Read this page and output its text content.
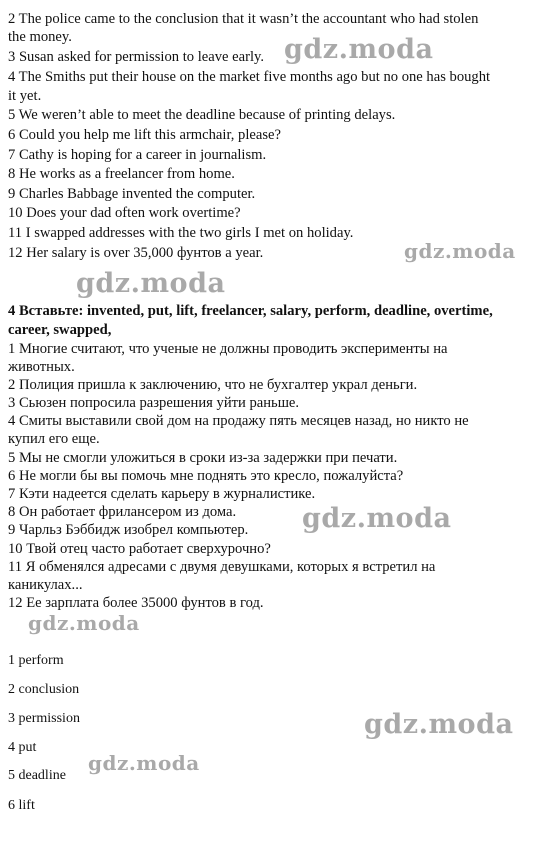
2 The police came to the conclusion that it wasn’t the accountant who had stolen
the money.
3 Susan asked for permission to leave early.
4 The Smiths put their house on the market five months ago but no one has bought
it yet.
5 We weren’t able to meet the deadline because of printing delays.
6 Could you help me lift this armchair, please?
7 Cathy is hoping for a career in journalism.
8 He works as a freelancer from home.
9 Charles Babbage invented the computer.
10 Does your dad often work overtime?
11 I swapped addresses with the two girls I met on holiday.
12 Her salary is over 35,000 фунтов a year.
4 Вставьте: invented, put, lift, freelancer, salary, perform, deadline, overtime,
career, swapped,
1 Многие считают, что ученые не должны проводить эксперименты на
животных.
2 Полиция пришла к заключению, что не бухгалтер украл деньги.
3 Сьюзен попросила разрешения уйти раньше.
4 Смиты выставили свой дом на продажу пять месяцев назад, но никто не
купил его еще.
5 Мы не смогли уложиться в сроки из-за задержки при печати.
6 Не могли бы вы помочь мне поднять это кресло, пожалуйста?
7 Кэти надеется сделать карьеру в журналистике.
8 Он работает фрилансером из дома.
9 Чарльз Бэббидж изобрел компьютер.
10 Твой отец часто работает сверхурочно?
11 Я обменялся адресами с двумя девушками, которых я встретил на
каникулах...
12 Ее зарплата более 35000 фунтов в год.
1 perform
2 conclusion
3 permission
4 put
5 deadline
6 lift
gdz.moda
gdz.moda
gdz.moda
gdz.moda
gdz.moda
gdz.moda
gdz.moda
